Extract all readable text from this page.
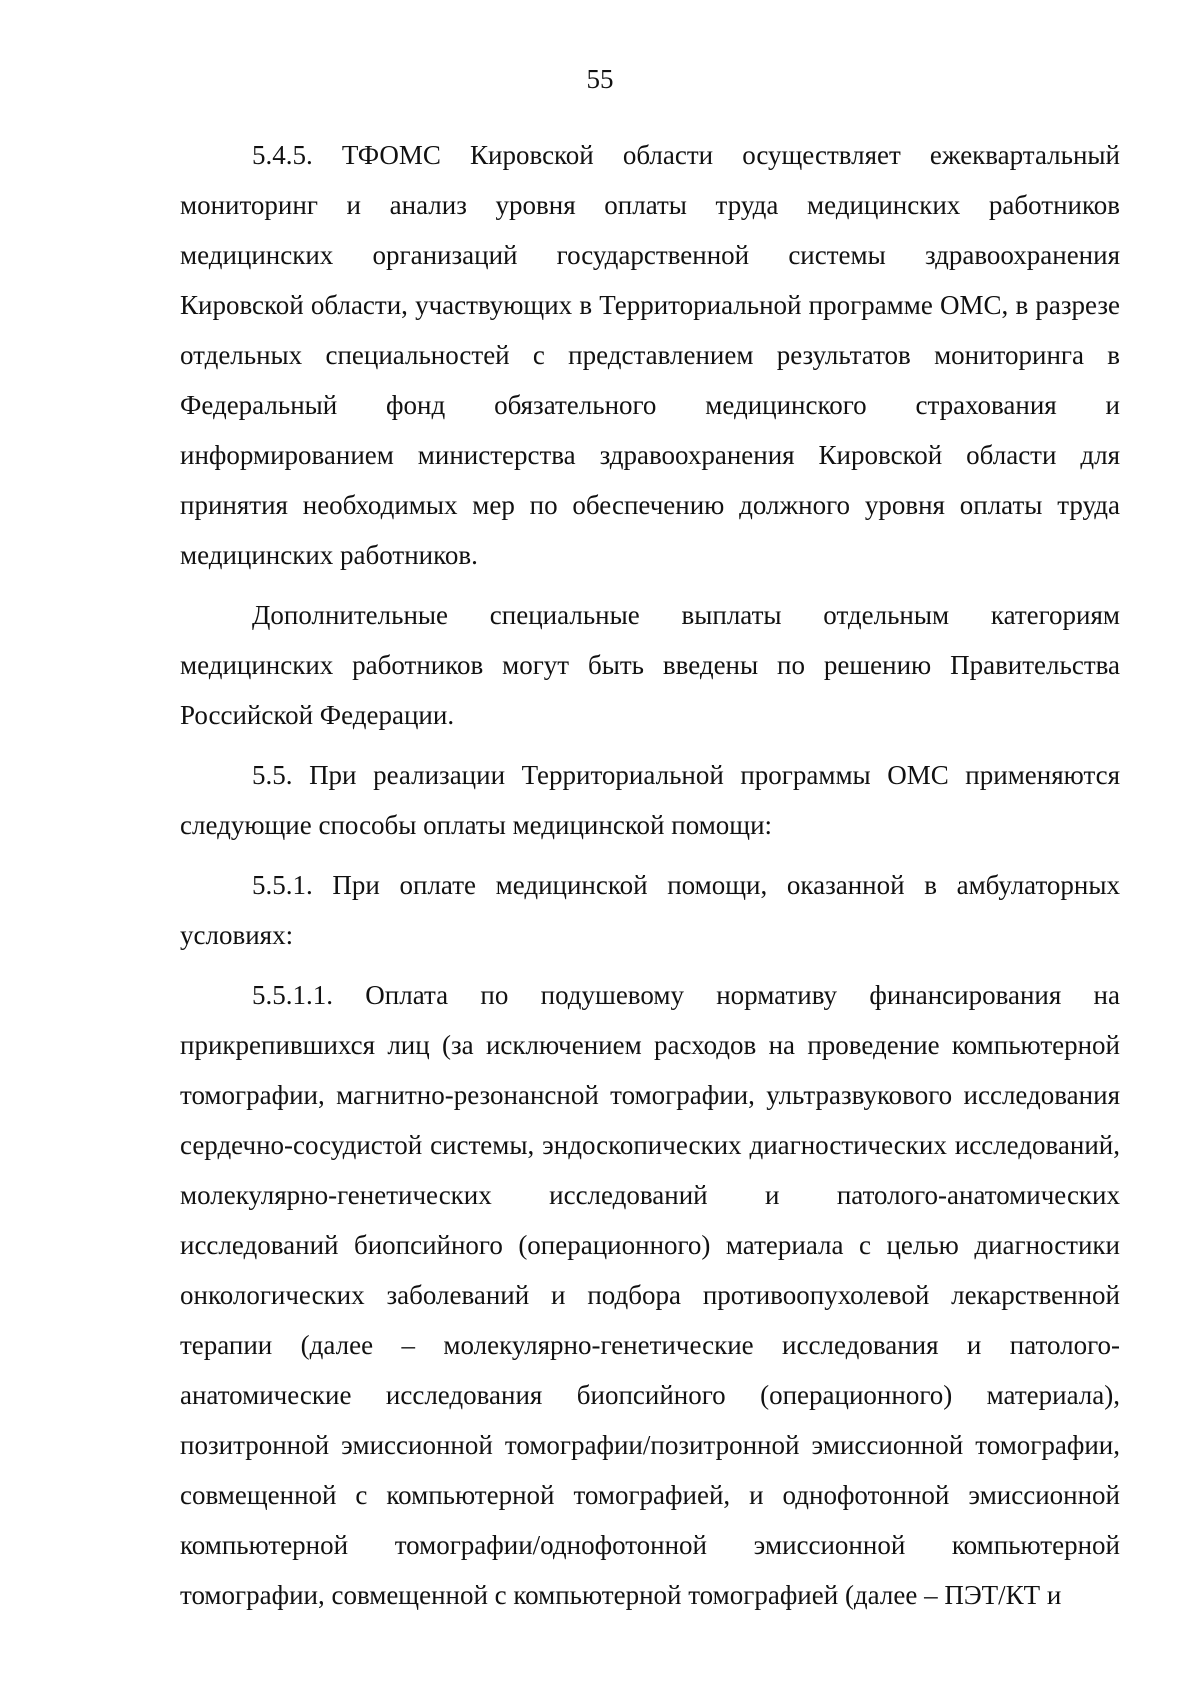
55

5.4.5. ТФОМС Кировской области осуществляет ежеквартальный мониторинг и анализ уровня оплаты труда медицинских работников медицинских организаций государственной системы здравоохранения Кировской области, участвующих в Территориальной программе ОМС, в разрезе отдельных специальностей с представлением результатов мониторинга в Федеральный фонд обязательного медицинского страхования и информированием министерства здравоохранения Кировской области для принятия необходимых мер по обеспечению должного уровня оплаты труда медицинских работников.

Дополнительные специальные выплаты отдельным категориям медицинских работников могут быть введены по решению Правительства Российской Федерации.

5.5. При реализации Территориальной программы ОМС применяются следующие способы оплаты медицинской помощи:

5.5.1. При оплате медицинской помощи, оказанной в амбулаторных условиях:

5.5.1.1. Оплата по подушевому нормативу финансирования на прикрепившихся лиц (за исключением расходов на проведение компьютерной томографии, магнитно-резонансной томографии, ультразвукового исследования сердечно-сосудистой системы, эндоскопических диагностических исследований, молекулярно-генетических исследований и патолого-анатомических исследований биопсийного (операционного) материала с целью диагностики онкологических заболеваний и подбора противоопухолевой лекарственной терапии (далее – молекулярно-генетические исследования и патолого-анатомические исследования биопсийного (операционного) материала), позитронной эмиссионной томографии/позитронной эмиссионной томографии, совмещенной с компьютерной томографией, и однофотонной эмиссионной компьютерной томографии/однофотонной эмиссионной компьютерной томографии, совмещенной с компьютерной томографией (далее – ПЭТ/КТ и
